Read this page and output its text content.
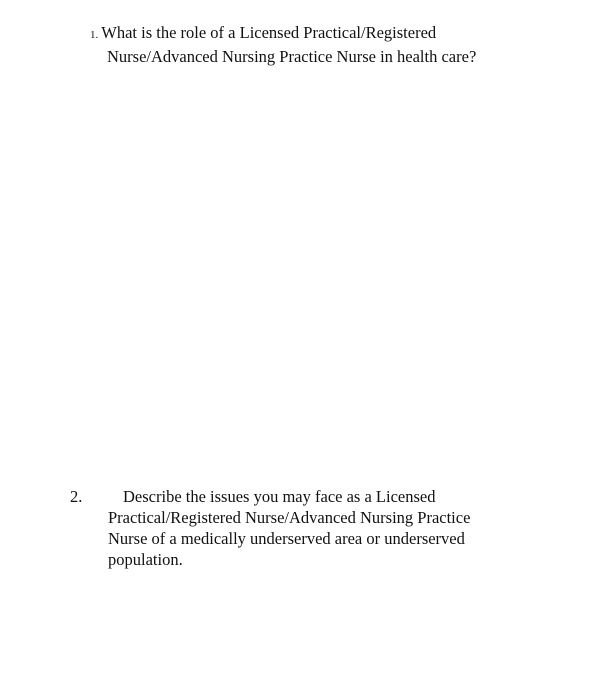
1. What is the role of a Licensed Practical/Registered
Nurse/Advanced Nursing Practice Nurse in health care?
2.	Describe the issues you may face as a Licensed
Practical/Registered Nurse/Advanced Nursing Practice
Nurse of a medically underserved area or underserved
population.
